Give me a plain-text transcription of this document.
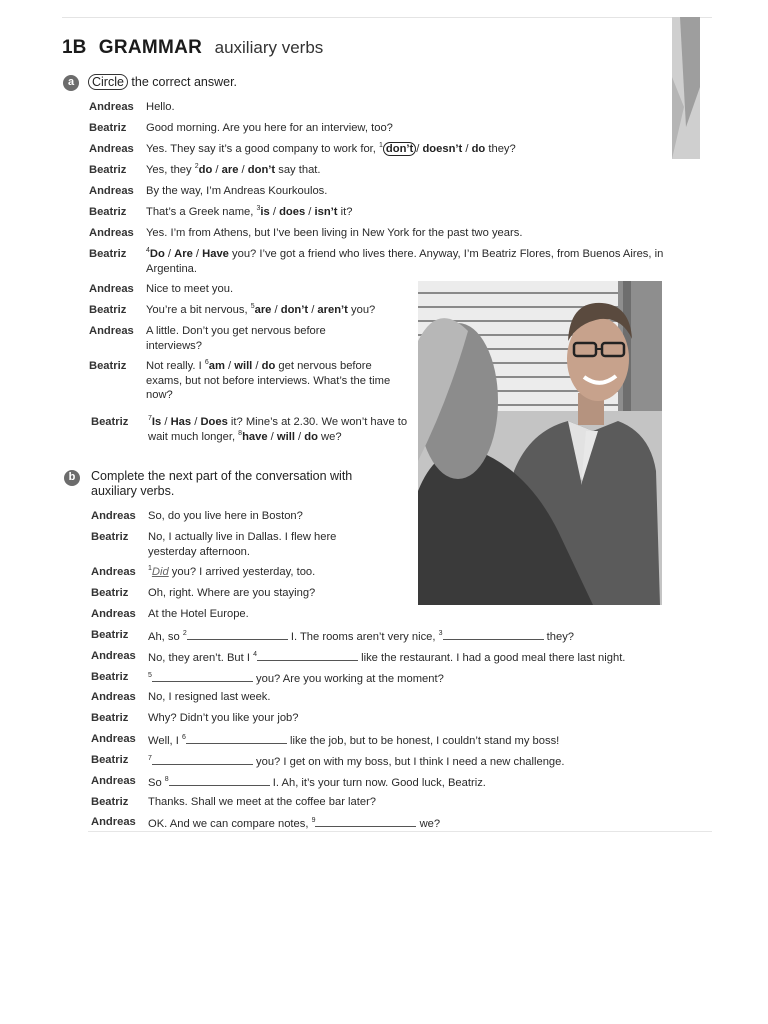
1B GRAMMAR auxiliary verbs
a	Circle the correct answer.
Andreas Hello.
Beatriz Good morning. Are you here for an interview, too?
Andreas Yes. They say it’s a good company to work for, $^1$ don’t / doesn’t / do they?
Beatriz Yes, they $^2$do / are / don’t say that.
Andreas By the way, I’m Andreas Kourkoulos.
Beatriz That’s a Greek name, $^3$is / does / isn’t it?
Andreas Yes. I’m from Athens, but I’ve been living in New York for the past two years.
Beatriz	$^4$Do / Are / Have you? I’ve got a friend who lives there. Anyway, I’m Beatriz Flores, from Buenos Aires, in Argentina.
Andreas Nice to meet you.
Beatriz You’re a bit nervous, $^5$are / don’t / aren’t you?
Andreas A little. Don’t you get nervous before interviews?
Beatriz Not really. I $^6$am / will / do get nervous before exams, but not before interviews. What’s the time now?
Beatriz	$^7$Is / Has / Does it? Mine’s at 2.30. We won’t have to wait much longer, $^8$have / will / do we?
b	Complete the next part of the conversation with auxiliary verbs.
Andreas So, do you live here in Boston?
Beatriz No, I actually live in Dallas. I flew here yesterday afternoon.
Andreas $^1$Did you? I arrived yesterday, too.
Beatriz Oh, right. Where are you staying?
Andreas At the Hotel Europe.
Beatriz Ah, so $^2$	I. The rooms aren’t very nice, $^3$	they?
Andreas No, they aren’t. But I $^4$	like the restaurant. I had a good meal there last night.
Beatriz	$^5$	you? Are you working at the moment?
Andreas No, I resigned last week.
Beatriz Why? Didn’t you like your job?
Andreas Well, I $^6$	like the job, but to be honest, I couldn’t stand my boss!
Beatriz	$^7$	you? I get on with my boss, but I think I need a new challenge.
Andreas So $^8$	I. Ah, it’s your turn now. Good luck, Beatriz.
Beatriz Thanks. Shall we meet at the coffee bar later?
Andreas OK. And we can compare notes, $^9$	we?
